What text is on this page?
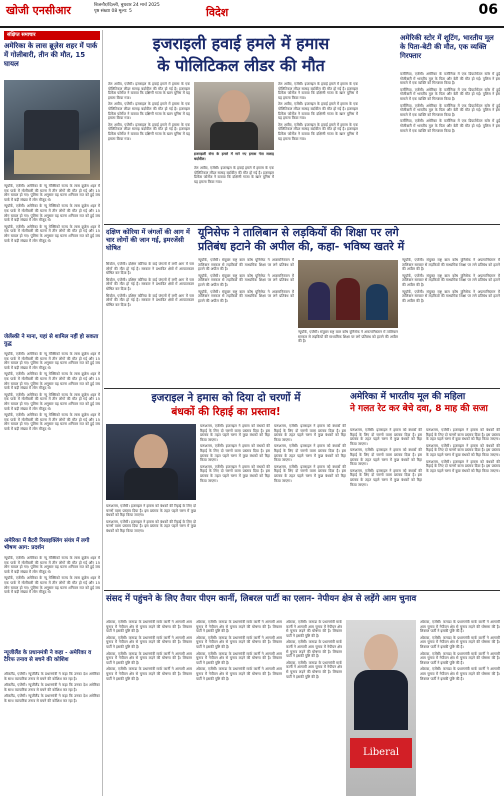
खोजी एनसीआर	बिजनौर/दिल्ली, बुधवार 24 मार्च 2025
पृष्ठ संख्या 08 मूल्य: 5	विदेश	06
संक्षिप्त समाचार
अमेरिका के लास ब्रूज़ेस शहर में पार्क में गोलीबारी, तीन की मौत, 15 घायल

न्यूयॉर्क, एजेंसी। अमेरिका के न्यू मेक्सिको राज्य के लास ब्रूज़ेस शहर में एक पार्क में गोलीबारी की घटना में तीन लोगों की मौत हो गई और 15 लोग घायल हो गए। पुलिस के अनुसार यह घटना शनिवार रात को हुई जब पार्क में बड़ी संख्या में लोग मौजूद थे।

न्यूयॉर्क, एजेंसी। अमेरिका के न्यू मेक्सिको राज्य के लास ब्रूज़ेस शहर में एक पार्क में गोलीबारी की घटना में तीन लोगों की मौत हो गई और 15 लोग घायल हो गए। पुलिस के अनुसार यह घटना शनिवार रात को हुई जब पार्क में बड़ी संख्या में लोग मौजूद थे।

न्यूयॉर्क, एजेंसी। अमेरिका के न्यू मेक्सिको राज्य के लास ब्रूज़ेस शहर में एक पार्क में गोलीबारी की घटना में तीन लोगों की मौत हो गई और 15 लोग घायल हो गए। पुलिस के अनुसार यह घटना शनिवार रात को हुई जब पार्क में बड़ी संख्या में लोग मौजूद थे।

जेलेंस्की ने माना, यहां से शामिल नहीं हो सकता युद्ध

न्यूयॉर्क, एजेंसी। अमेरिका के न्यू मेक्सिको राज्य के लास ब्रूज़ेस शहर में एक पार्क में गोलीबारी की घटना में तीन लोगों की मौत हो गई और 15 लोग घायल हो गए। पुलिस के अनुसार यह घटना शनिवार रात को हुई जब पार्क में बड़ी संख्या में लोग मौजूद थे।

न्यूयॉर्क, एजेंसी। अमेरिका के न्यू मेक्सिको राज्य के लास ब्रूज़ेस शहर में एक पार्क में गोलीबारी की घटना में तीन लोगों की मौत हो गई और 15 लोग घायल हो गए। पुलिस के अनुसार यह घटना शनिवार रात को हुई जब पार्क में बड़ी संख्या में लोग मौजूद थे।

न्यूयॉर्क, एजेंसी। अमेरिका के न्यू मेक्सिको राज्य के लास ब्रूज़ेस शहर में एक पार्क में गोलीबारी की घटना में तीन लोगों की मौत हो गई और 15 लोग घायल हो गए। पुलिस के अनुसार यह घटना शनिवार रात को हुई जब पार्क में बड़ी संख्या में लोग मौजूद थे।

न्यूयॉर्क, एजेंसी। अमेरिका के न्यू मेक्सिको राज्य के लास ब्रूज़ेस शहर में एक पार्क में गोलीबारी की घटना में तीन लोगों की मौत हो गई और 15 लोग घायल हो गए। पुलिस के अनुसार यह घटना शनिवार रात को हुई जब पार्क में बड़ी संख्या में लोग मौजूद थे।

अमेरिका में बैटरी रिसाइक्लिंग संयंत्र में लगी भीषण आग: प्रदर्शन

न्यूयॉर्क, एजेंसी। अमेरिका के न्यू मेक्सिको राज्य के लास ब्रूज़ेस शहर में एक पार्क में गोलीबारी की घटना में तीन लोगों की मौत हो गई और 15 लोग घायल हो गए। पुलिस के अनुसार यह घटना शनिवार रात को हुई जब पार्क में बड़ी संख्या में लोग मौजूद थे।

न्यूयॉर्क, एजेंसी। अमेरिका के न्यू मेक्सिको राज्य के लास ब्रूज़ेस शहर में एक पार्क में गोलीबारी की घटना में तीन लोगों की मौत हो गई और 15 लोग घायल हो गए। पुलिस के अनुसार यह घटना शनिवार रात को हुई जब पार्क में बड़ी संख्या में लोग मौजूद थे।

न्यूजीलैंड के प्रधानमंत्री ने कहा - अमेरिका व टैरिफ तनाव से बचने की कोशिश

ऑकलैंड, एजेंसी। न्यूजीलैंड के प्रधानमंत्री ने कहा कि उनका देश अमेरिका के साथ व्यापारिक तनाव से बचने की कोशिश कर रहा है।

ऑकलैंड, एजेंसी। न्यूजीलैंड के प्रधानमंत्री ने कहा कि उनका देश अमेरिका के साथ व्यापारिक तनाव से बचने की कोशिश कर रहा है।

ऑकलैंड, एजेंसी। न्यूजीलैंड के प्रधानमंत्री ने कहा कि उनका देश अमेरिका के साथ व्यापारिक तनाव से बचने की कोशिश कर रहा है।

इजराइली हवाई हमले में हमास
के पोलिटिकल लीडर की मौत

तेल अवीव, एजेंसी। इजराइल के हवाई हमले में हमास के एक पोलिटिकल लीडर सलाह बर्दावील की मौत हो गई है। इजराइल डिफेंस फोर्सेज ने बताया कि दक्षिणी गाजा के खान यूनिस में यह हमला किया गया।

तेल अवीव, एजेंसी। इजराइल के हवाई हमले में हमास के एक पोलिटिकल लीडर सलाह बर्दावील की मौत हो गई है। इजराइल डिफेंस फोर्सेज ने बताया कि दक्षिणी गाजा के खान यूनिस में यह हमला किया गया।

तेल अवीव, एजेंसी। इजराइल के हवाई हमले में हमास के एक पोलिटिकल लीडर सलाह बर्दावील की मौत हो गई है। इजराइल डिफेंस फोर्सेज ने बताया कि दक्षिणी गाजा के खान यूनिस में यह हमला किया गया।

इजराइली सेना के हमले में मारे गए हमास नेता सलाह बर्दावील।

तेल अवीव, एजेंसी। इजराइल के हवाई हमले में हमास के एक पोलिटिकल लीडर सलाह बर्दावील की मौत हो गई है। इजराइल डिफेंस फोर्सेज ने बताया कि दक्षिणी गाजा के खान यूनिस में यह हमला किया गया।

तेल अवीव, एजेंसी। इजराइल के हवाई हमले में हमास के एक पोलिटिकल लीडर सलाह बर्दावील की मौत हो गई है। इजराइल डिफेंस फोर्सेज ने बताया कि दक्षिणी गाजा के खान यूनिस में यह हमला किया गया।

तेल अवीव, एजेंसी। इजराइल के हवाई हमले में हमास के एक पोलिटिकल लीडर सलाह बर्दावील की मौत हो गई है। इजराइल डिफेंस फोर्सेज ने बताया कि दक्षिणी गाजा के खान यूनिस में यह हमला किया गया।

तेल अवीव, एजेंसी। इजराइल के हवाई हमले में हमास के एक पोलिटिकल लीडर सलाह बर्दावील की मौत हो गई है। इजराइल डिफेंस फोर्सेज ने बताया कि दक्षिणी गाजा के खान यूनिस में यह हमला किया गया।

अमेरिकी स्टोर में शूटिंग, भारतीय मूल के पिता-बेटी की मौत, एक व्यक्ति गिरफ्तार

वर्जीनिया, एजेंसी। अमेरिका के वर्जीनिया में एक डिपार्टमेंटल स्टोर में हुई गोलीबारी में भारतीय मूल के पिता और बेटी की मौत हो गई। पुलिस ने इस मामले में एक व्यक्ति को गिरफ्तार किया है।

वर्जीनिया, एजेंसी। अमेरिका के वर्जीनिया में एक डिपार्टमेंटल स्टोर में हुई गोलीबारी में भारतीय मूल के पिता और बेटी की मौत हो गई। पुलिस ने इस मामले में एक व्यक्ति को गिरफ्तार किया है।

वर्जीनिया, एजेंसी। अमेरिका के वर्जीनिया में एक डिपार्टमेंटल स्टोर में हुई गोलीबारी में भारतीय मूल के पिता और बेटी की मौत हो गई। पुलिस ने इस मामले में एक व्यक्ति को गिरफ्तार किया है।

वर्जीनिया, एजेंसी। अमेरिका के वर्जीनिया में एक डिपार्टमेंटल स्टोर में हुई गोलीबारी में भारतीय मूल के पिता और बेटी की मौत हो गई। पुलिस ने इस मामले में एक व्यक्ति को गिरफ्तार किया है।

दक्षिण कोरिया में जंगलों की आग में चार लोगों की जान गई, इमरजेंसी घोषित

सियोल, एजेंसी। दक्षिण कोरिया के कई जंगलों में लगी आग में चार लोगों की मौत हो गई है। सरकार ने प्रभावित क्षेत्रों में आपातकाल घोषित कर दिया है।

सियोल, एजेंसी। दक्षिण कोरिया के कई जंगलों में लगी आग में चार लोगों की मौत हो गई है। सरकार ने प्रभावित क्षेत्रों में आपातकाल घोषित कर दिया है।

सियोल, एजेंसी। दक्षिण कोरिया के कई जंगलों में लगी आग में चार लोगों की मौत हो गई है। सरकार ने प्रभावित क्षेत्रों में आपातकाल घोषित कर दिया है।

यूनिसेफ ने तालिबान से लड़कियों की शिक्षा पर लगे
प्रतिबंध हटाने की अपील की, कहा- भविष्य खतरे में

न्यूयॉर्क, एजेंसी। संयुक्त राष्ट्र बाल कोष यूनिसेफ ने अफगानिस्तान में तालिबान सरकार से लड़कियों की माध्यमिक शिक्षा पर लगे प्रतिबंध को हटाने की अपील की है।

न्यूयॉर्क, एजेंसी। संयुक्त राष्ट्र बाल कोष यूनिसेफ ने अफगानिस्तान में तालिबान सरकार से लड़कियों की माध्यमिक शिक्षा पर लगे प्रतिबंध को हटाने की अपील की है।

न्यूयॉर्क, एजेंसी। संयुक्त राष्ट्र बाल कोष यूनिसेफ ने अफगानिस्तान में तालिबान सरकार से लड़कियों की माध्यमिक शिक्षा पर लगे प्रतिबंध को हटाने की अपील की है।

न्यूयॉर्क, एजेंसी। संयुक्त राष्ट्र बाल कोष यूनिसेफ ने अफगानिस्तान में तालिबान सरकार से लड़कियों की माध्यमिक शिक्षा पर लगे प्रतिबंध को हटाने की अपील की है।

न्यूयॉर्क, एजेंसी। संयुक्त राष्ट्र बाल कोष यूनिसेफ ने अफगानिस्तान में तालिबान सरकार से लड़कियों की माध्यमिक शिक्षा पर लगे प्रतिबंध को हटाने की अपील की है।

न्यूयॉर्क, एजेंसी। संयुक्त राष्ट्र बाल कोष यूनिसेफ ने अफगानिस्तान में तालिबान सरकार से लड़कियों की माध्यमिक शिक्षा पर लगे प्रतिबंध को हटाने की अपील की है।

न्यूयॉर्क, एजेंसी। संयुक्त राष्ट्र बाल कोष यूनिसेफ ने अफगानिस्तान में तालिबान सरकार से लड़कियों की माध्यमिक शिक्षा पर लगे प्रतिबंध को हटाने की अपील की है।

इजराइल ने हमास को दिया दो चरणों में
बंधकों की रिहाई का प्रस्ताव!

यरूशलम, एजेंसी। इजराइल ने हमास को बंधकों की रिहाई के लिए दो चरणों वाला प्रस्ताव दिया है। इस प्रस्ताव के तहत पहले चरण में कुछ बंधकों को रिहा किया जाएगा।

यरूशलम, एजेंसी। इजराइल ने हमास को बंधकों की रिहाई के लिए दो चरणों वाला प्रस्ताव दिया है। इस प्रस्ताव के तहत पहले चरण में कुछ बंधकों को रिहा किया जाएगा।

यरूशलम, एजेंसी। इजराइल ने हमास को बंधकों की रिहाई के लिए दो चरणों वाला प्रस्ताव दिया है। इस प्रस्ताव के तहत पहले चरण में कुछ बंधकों को रिहा किया जाएगा।

यरूशलम, एजेंसी। इजराइल ने हमास को बंधकों की रिहाई के लिए दो चरणों वाला प्रस्ताव दिया है। इस प्रस्ताव के तहत पहले चरण में कुछ बंधकों को रिहा किया जाएगा।

यरूशलम, एजेंसी। इजराइल ने हमास को बंधकों की रिहाई के लिए दो चरणों वाला प्रस्ताव दिया है। इस प्रस्ताव के तहत पहले चरण में कुछ बंधकों को रिहा किया जाएगा।

यरूशलम, एजेंसी। इजराइल ने हमास को बंधकों की रिहाई के लिए दो चरणों वाला प्रस्ताव दिया है। इस प्रस्ताव के तहत पहले चरण में कुछ बंधकों को रिहा किया जाएगा।

यरूशलम, एजेंसी। इजराइल ने हमास को बंधकों की रिहाई के लिए दो चरणों वाला प्रस्ताव दिया है। इस प्रस्ताव के तहत पहले चरण में कुछ बंधकों को रिहा किया जाएगा।

यरूशलम, एजेंसी। इजराइल ने हमास को बंधकों की रिहाई के लिए दो चरणों वाला प्रस्ताव दिया है। इस प्रस्ताव के तहत पहले चरण में कुछ बंधकों को रिहा किया जाएगा।

अमेरिका में भारतीय मूल की महिला
ने गलत रेट कर बेचे दवा, 8 माह की सजा

यरूशलम, एजेंसी। इजराइल ने हमास को बंधकों की रिहाई के लिए दो चरणों वाला प्रस्ताव दिया है। इस प्रस्ताव के तहत पहले चरण में कुछ बंधकों को रिहा किया जाएगा।

यरूशलम, एजेंसी। इजराइल ने हमास को बंधकों की रिहाई के लिए दो चरणों वाला प्रस्ताव दिया है। इस प्रस्ताव के तहत पहले चरण में कुछ बंधकों को रिहा किया जाएगा।

यरूशलम, एजेंसी। इजराइल ने हमास को बंधकों की रिहाई के लिए दो चरणों वाला प्रस्ताव दिया है। इस प्रस्ताव के तहत पहले चरण में कुछ बंधकों को रिहा किया जाएगा।

यरूशलम, एजेंसी। इजराइल ने हमास को बंधकों की रिहाई के लिए दो चरणों वाला प्रस्ताव दिया है। इस प्रस्ताव के तहत पहले चरण में कुछ बंधकों को रिहा किया जाएगा।

यरूशलम, एजेंसी। इजराइल ने हमास को बंधकों की रिहाई के लिए दो चरणों वाला प्रस्ताव दिया है। इस प्रस्ताव के तहत पहले चरण में कुछ बंधकों को रिहा किया जाएगा।

यरूशलम, एजेंसी। इजराइल ने हमास को बंधकों की रिहाई के लिए दो चरणों वाला प्रस्ताव दिया है। इस प्रस्ताव के तहत पहले चरण में कुछ बंधकों को रिहा किया जाएगा।

संसद में पहुंचने के लिए तैयार पीएम कार्नी, लिबरल पार्टी का एलान- नेपीयन क्षेत्र से लड़ेंगे आम चुनाव

ओटावा, एजेंसी। कनाडा के प्रधानमंत्री मार्क कार्नी ने आगामी आम चुनाव में नेपीयन क्षेत्र से चुनाव लड़ने की घोषणा की है। लिबरल पार्टी ने इसकी पुष्टि की है।

ओटावा, एजेंसी। कनाडा के प्रधानमंत्री मार्क कार्नी ने आगामी आम चुनाव में नेपीयन क्षेत्र से चुनाव लड़ने की घोषणा की है। लिबरल पार्टी ने इसकी पुष्टि की है।

ओटावा, एजेंसी। कनाडा के प्रधानमंत्री मार्क कार्नी ने आगामी आम चुनाव में नेपीयन क्षेत्र से चुनाव लड़ने की घोषणा की है। लिबरल पार्टी ने इसकी पुष्टि की है।

ओटावा, एजेंसी। कनाडा के प्रधानमंत्री मार्क कार्नी ने आगामी आम चुनाव में नेपीयन क्षेत्र से चुनाव लड़ने की घोषणा की है। लिबरल पार्टी ने इसकी पुष्टि की है।

ओटावा, एजेंसी। कनाडा के प्रधानमंत्री मार्क कार्नी ने आगामी आम चुनाव में नेपीयन क्षेत्र से चुनाव लड़ने की घोषणा की है। लिबरल पार्टी ने इसकी पुष्टि की है।

ओटावा, एजेंसी। कनाडा के प्रधानमंत्री मार्क कार्नी ने आगामी आम चुनाव में नेपीयन क्षेत्र से चुनाव लड़ने की घोषणा की है। लिबरल पार्टी ने इसकी पुष्टि की है।

ओटावा, एजेंसी। कनाडा के प्रधानमंत्री मार्क कार्नी ने आगामी आम चुनाव में नेपीयन क्षेत्र से चुनाव लड़ने की घोषणा की है। लिबरल पार्टी ने इसकी पुष्टि की है।

ओटावा, एजेंसी। कनाडा के प्रधानमंत्री मार्क कार्नी ने आगामी आम चुनाव में नेपीयन क्षेत्र से चुनाव लड़ने की घोषणा की है। लिबरल पार्टी ने इसकी पुष्टि की है।

ओटावा, एजेंसी। कनाडा के प्रधानमंत्री मार्क कार्नी ने आगामी आम चुनाव में नेपीयन क्षेत्र से चुनाव लड़ने की घोषणा की है। लिबरल पार्टी ने इसकी पुष्टि की है।

ओटावा, एजेंसी। कनाडा के प्रधानमंत्री मार्क कार्नी ने आगामी आम चुनाव में नेपीयन क्षेत्र से चुनाव लड़ने की घोषणा की है। लिबरल पार्टी ने इसकी पुष्टि की है।

ओटावा, एजेंसी। कनाडा के प्रधानमंत्री मार्क कार्नी ने आगामी आम चुनाव में नेपीयन क्षेत्र से चुनाव लड़ने की घोषणा की है। लिबरल पार्टी ने इसकी पुष्टि की है।

Liberal

ओटावा, एजेंसी। कनाडा के प्रधानमंत्री मार्क कार्नी ने आगामी आम चुनाव में नेपीयन क्षेत्र से चुनाव लड़ने की घोषणा की है। लिबरल पार्टी ने इसकी पुष्टि की है।

ओटावा, एजेंसी। कनाडा के प्रधानमंत्री मार्क कार्नी ने आगामी आम चुनाव में नेपीयन क्षेत्र से चुनाव लड़ने की घोषणा की है। लिबरल पार्टी ने इसकी पुष्टि की है।

ओटावा, एजेंसी। कनाडा के प्रधानमंत्री मार्क कार्नी ने आगामी आम चुनाव में नेपीयन क्षेत्र से चुनाव लड़ने की घोषणा की है। लिबरल पार्टी ने इसकी पुष्टि की है।

ओटावा, एजेंसी। कनाडा के प्रधानमंत्री मार्क कार्नी ने आगामी आम चुनाव में नेपीयन क्षेत्र से चुनाव लड़ने की घोषणा की है। लिबरल पार्टी ने इसकी पुष्टि की है।
